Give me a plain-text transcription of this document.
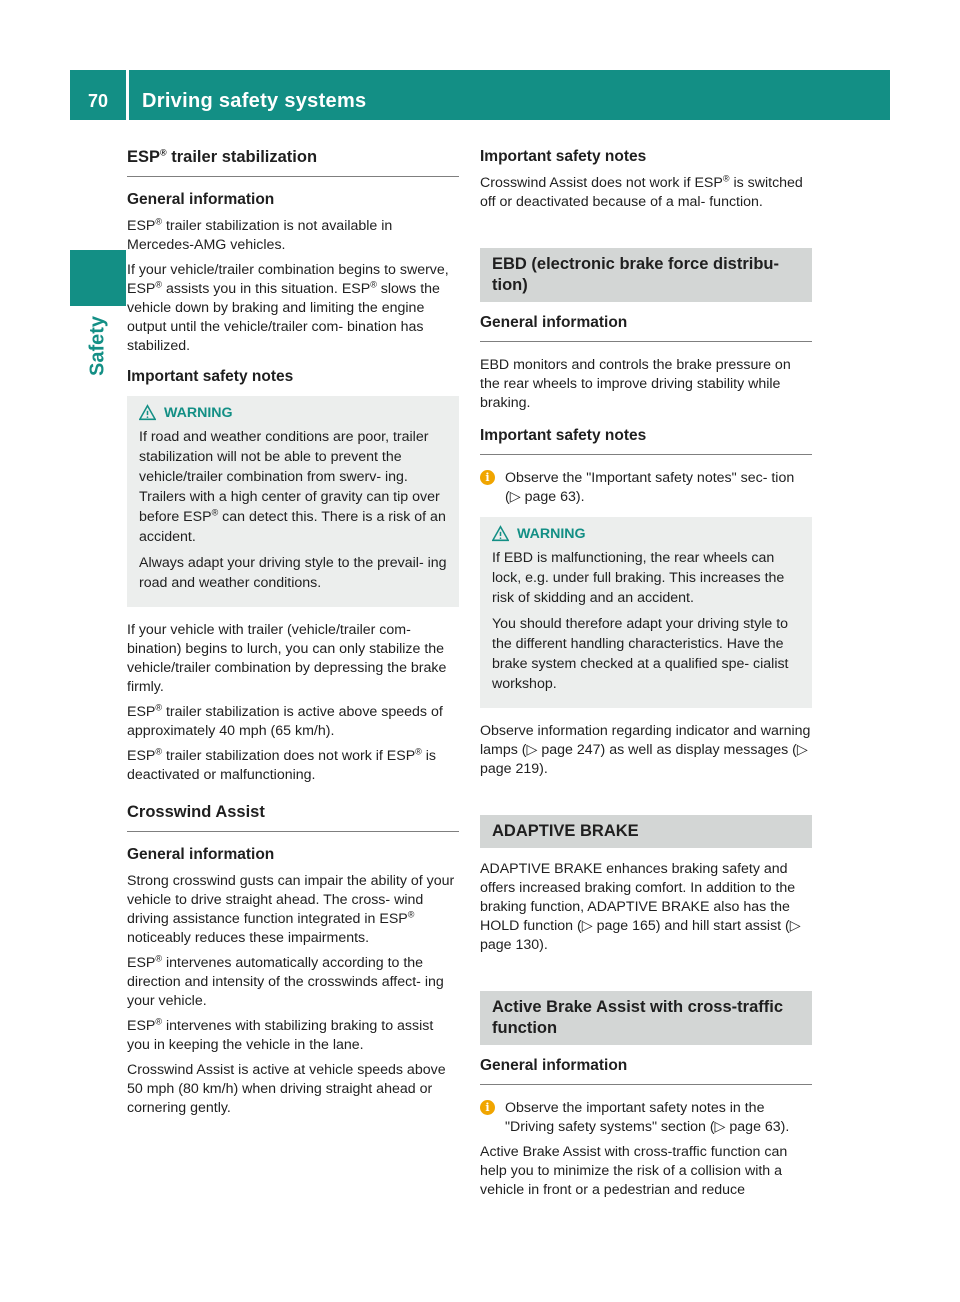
70	Driving safety systems
Safety
ESP® trailer stabilization
General information

ESP® trailer stabilization is not available in Mercedes-AMG vehicles.

If your vehicle/trailer combination begins to swerve, ESP® assists you in this situation. ESP® slows the vehicle down by braking and limiting the engine output until the vehicle/trailer com- bination has stabilized.

Important safety notes
WARNING

If road and weather conditions are poor, trailer stabilization will not be able to prevent the vehicle/trailer combination from swerv- ing. Trailers with a high center of gravity can tip over before ESP® can detect this. There is a risk of an accident.

Always adapt your driving style to the prevail- ing road and weather conditions.

If your vehicle with trailer (vehicle/trailer com- bination) begins to lurch, you can only stabilize the vehicle/trailer combination by depressing the brake firmly.

ESP® trailer stabilization is active above speeds of approximately 40 mph (65 km/h).

ESP® trailer stabilization does not work if ESP® is deactivated or malfunctioning.

Crosswind Assist
General information

Strong crosswind gusts can impair the ability of your vehicle to drive straight ahead. The cross- wind driving assistance function integrated in ESP® noticeably reduces these impairments.

ESP® intervenes automatically according to the direction and intensity of the crosswinds affect- ing your vehicle.

ESP® intervenes with stabilizing braking to assist you in keeping the vehicle in the lane.

Crosswind Assist is active at vehicle speeds above 50 mph (80 km/h) when driving straight ahead or cornering gently.

Important safety notes

Crosswind Assist does not work if ESP® is switched off or deactivated because of a mal- function.

EBD (electronic brake force distribu- tion)
General information

EBD monitors and controls the brake pressure on the rear wheels to improve driving stability while braking.

Important safety notes
i	Observe the "Important safety notes" sec- tion (▷ page 63).

WARNING

If EBD is malfunctioning, the rear wheels can lock, e.g. under full braking. This increases the risk of skidding and an accident.

You should therefore adapt your driving style to the different handling characteristics. Have the brake system checked at a qualified spe- cialist workshop.

Observe information regarding indicator and warning lamps (▷ page 247) as well as display messages (▷ page 219).

ADAPTIVE BRAKE

ADAPTIVE BRAKE enhances braking safety and offers increased braking comfort. In addition to the braking function, ADAPTIVE BRAKE also has the HOLD function (▷ page 165) and hill start assist (▷ page 130).

Active Brake Assist with cross-traffic function
General information
i	Observe the important safety notes in the "Driving safety systems" section (▷ page 63).

Active Brake Assist with cross-traffic function can help you to minimize the risk of a collision with a vehicle in front or a pedestrian and reduce
